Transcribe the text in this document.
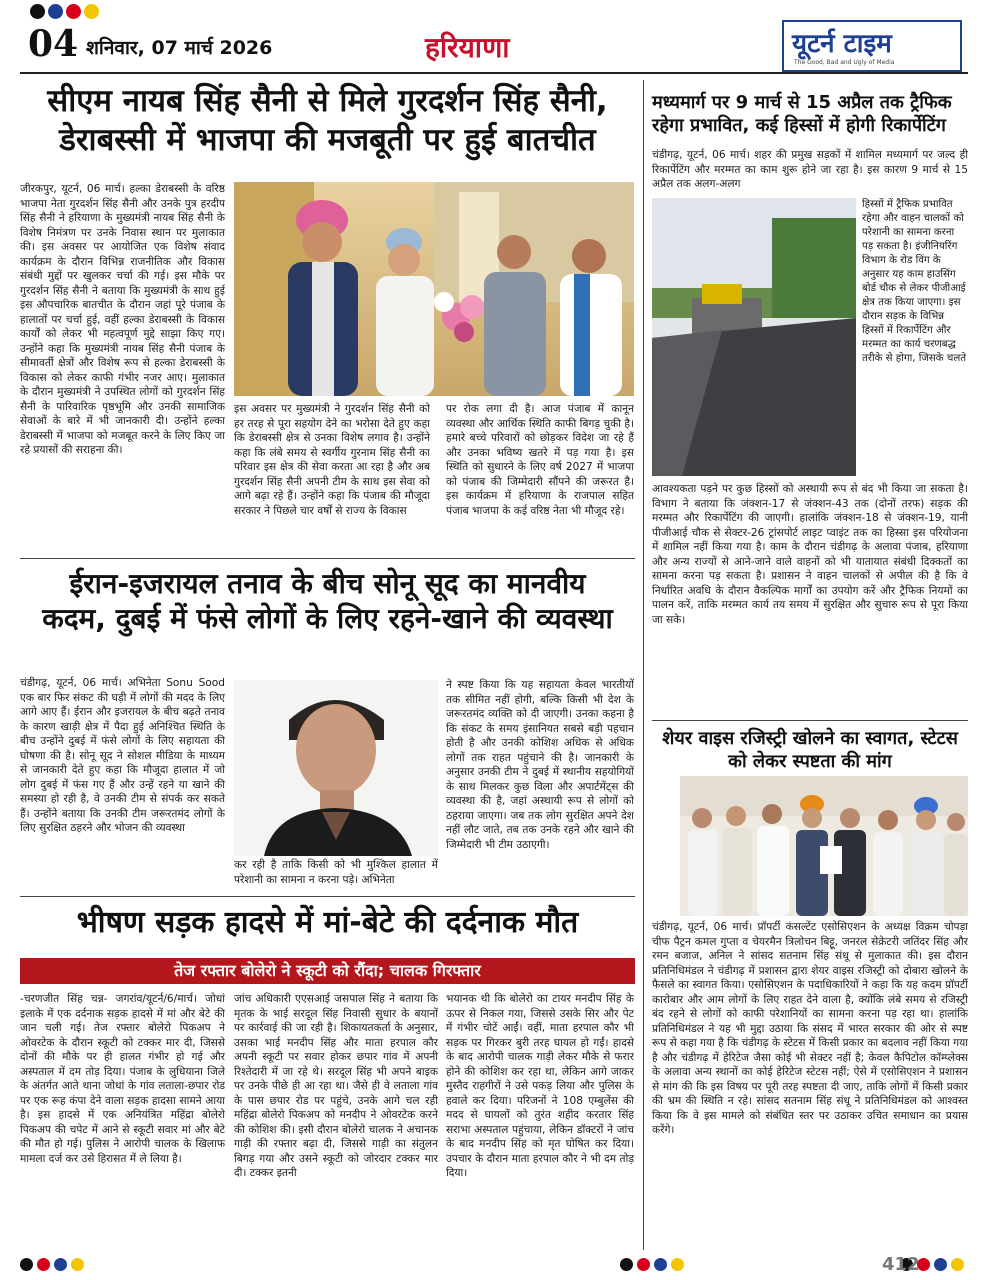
04 शनिवार, 07 मार्च 2026	हरियाणा	यूटर्न टाइम
The Good, Bad and Ugly of Media
सीएम नायब सिंह सैनी से मिले गुरदर्शन सिंह सैनी,
डेराबस्सी में भाजपा की मजबूती पर हुई बातचीत
जीरकपुर, यूटर्न, 06 मार्च। हल्का डेराबस्सी के वरिष्ठ भाजपा नेता गुरदर्शन सिंह सैनी और उनके पुत्र हरदीप सिंह सैनी ने हरियाणा के मुख्यमंत्री नायब सिंह सैनी के विशेष निमंत्रण पर उनके निवास स्थान पर मुलाकात की। इस अवसर पर आयोजित एक विशेष संवाद कार्यक्रम के दौरान विभिन्न राजनीतिक और विकास संबंधी मुद्दों पर खुलकर चर्चा की गई। इस मौके पर गुरदर्शन सिंह सैनी ने बताया कि मुख्यमंत्री के साथ हुई इस औपचारिक बातचीत के दौरान जहां पूरे पंजाब के हालातों पर चर्चा हुई, वहीं हल्का डेराबस्सी के विकास कार्यों को लेकर भी महत्वपूर्ण मुद्दे साझा किए गए। उन्होंने कहा कि मुख्यमंत्री नायब सिंह सैनी पंजाब के सीमावर्ती क्षेत्रों और विशेष रूप से हल्का डेराबस्सी के विकास को लेकर काफी गंभीर नजर आए। मुलाकात के दौरान मुख्यमंत्री ने उपस्थित लोगों को गुरदर्शन सिंह सैनी के पारिवारिक पृष्ठभूमि और उनकी सामाजिक सेवाओं के बारे में भी जानकारी दी। उन्होंने हल्का डेराबस्सी में भाजपा को मजबूत करने के लिए किए जा रहे प्रयासों की सराहना की।
इस अवसर पर मुख्यमंत्री ने गुरदर्शन सिंह सैनी को हर तरह से पूरा सहयोग देने का भरोसा देते हुए कहा कि डेराबस्सी क्षेत्र से उनका विशेष लगाव है। उन्होंने कहा कि लंबे समय से स्वर्गीय गुरनाम सिंह सैनी का परिवार इस क्षेत्र की सेवा करता आ रहा है और अब गुरदर्शन सिंह सैनी अपनी टीम के साथ इस सेवा को आगे बढ़ा रहे हैं। उन्होंने कहा कि पंजाब की मौजूदा सरकार ने पिछले चार वर्षों से राज्य के विकास
पर रोक लगा दी है। आज पंजाब में कानून व्यवस्था और आर्थिक स्थिति काफी बिगड़ चुकी है। हमारे बच्चे परिवारों को छोड़कर विदेश जा रहे हैं और उनका भविष्य खतरे में पड़ गया है। इस स्थिति को सुधारने के लिए वर्ष 2027 में भाजपा को पंजाब की जिम्मेदारी सौंपने की जरूरत है। इस कार्यक्रम में हरियाणा के राजपाल सहित पंजाब भाजपा के कई वरिष्ठ नेता भी मौजूद रहे।
ईरान-इजरायल तनाव के बीच सोनू सूद का मानवीय
कदम, दुबई में फंसे लोगों के लिए रहने-खाने की व्यवस्था
चंडीगढ़, यूटर्न, 06 मार्च। अभिनेता Sonu Sood एक बार फिर संकट की घड़ी में लोगों की मदद के लिए आगे आए हैं। ईरान और इजरायल के बीच बढ़ते तनाव के कारण खाड़ी क्षेत्र में पैदा हुई अनिश्चित स्थिति के बीच उन्होंने दुबई में फंसे लोगों के लिए सहायता की घोषणा की है। सोनू सूद ने सोशल मीडिया के माध्यम से जानकारी देते हुए कहा कि मौजूदा हालात में जो लोग दुबई में फंस गए हैं और उन्हें रहने या खाने की समस्या हो रही है, वे उनकी टीम से संपर्क कर सकते हैं। उन्होंने बताया कि उनकी टीम जरूरतमंद लोगों के लिए सुरक्षित ठहरने और भोजन की व्यवस्था
कर रही है ताकि किसी को भी मुश्किल हालात में परेशानी का सामना न करना पड़े। अभिनेता
ने स्पष्ट किया कि यह सहायता केवल भारतीयों तक सीमित नहीं होगी, बल्कि किसी भी देश के जरूरतमंद व्यक्ति को दी जाएगी। उनका कहना है कि संकट के समय इंसानियत सबसे बड़ी पहचान होती है और उनकी कोशिश अधिक से अधिक लोगों तक राहत पहुंचाने की है। जानकारी के अनुसार उनकी टीम ने दुबई में स्थानीय सहयोगियों के साथ मिलकर कुछ विला और अपार्टमेंट्स की व्यवस्था की है, जहां अस्थायी रूप से लोगों को ठहराया जाएगा। जब तक लोग सुरक्षित अपने देश नहीं लौट जाते, तब तक उनके रहने और खाने की जिम्मेदारी भी टीम उठाएगी।
भीषण सड़क हादसे में मां-बेटे की दर्दनाक मौत
तेज रफ्तार बोलेरो ने स्कूटी को रौंदा; चालक गिरफ्तार
-चरणजीत सिंह चन्न- जगरांव/यूटर्न/6/मार्च। जोधां इलाके में एक दर्दनाक सड़क हादसे में मां और बेटे की जान चली गई। तेज रफ्तार बोलेरो पिकअप ने ओवरटेक के दौरान स्कूटी को टक्कर मार दी, जिससे दोनों की मौके पर ही हालत गंभीर हो गई और अस्पताल में दम तोड़ दिया। पंजाब के लुधियाना जिले के अंतर्गत आते थाना जोधां के गांव लताला-छपार रोड पर एक रूह कंपा देने वाला सड़क हादसा सामने आया है। इस हादसे में एक अनियंत्रित महिंद्रा बोलेरो पिकअप की चपेट में आने से स्कूटी सवार मां और बेटे की मौत हो गई। पुलिस ने आरोपी चालक के खिलाफ मामला दर्ज कर उसे हिरासत में ले लिया है।
जांच अधिकारी एएसआई जसपाल सिंह ने बताया कि मृतक के भाई सरदूल सिंह निवासी सुधार के बयानों पर कार्रवाई की जा रही है। शिकायतकर्ता के अनुसार, उसका भाई मनदीप सिंह और माता हरपाल कौर अपनी स्कूटी पर सवार होकर छपार गांव में अपनी रिश्तेदारी में जा रहे थे। सरदूल सिंह भी अपने बाइक पर उनके पीछे ही आ रहा था। जैसे ही वे लताला गांव के पास छपार रोड पर पहुंचे, उनके आगे चल रही महिंद्रा बोलेरो पिकअप को मनदीप ने ओवरटेक करने की कोशिश की। इसी दौरान बोलेरो चालक ने अचानक गाड़ी की रफ्तार बढ़ा दी, जिससे गाड़ी का संतुलन बिगड़ गया और उसने स्कूटी को जोरदार टक्कर मार दी। टक्कर इतनी
भयानक थी कि बोलेरो का टायर मनदीप सिंह के ऊपर से निकल गया, जिससे उसके सिर और पेट में गंभीर चोटें आईं। वहीं, माता हरपाल कौर भी सड़क पर गिरकर बुरी तरह घायल हो गईं। हादसे के बाद आरोपी चालक गाड़ी लेकर मौके से फरार होने की कोशिश कर रहा था, लेकिन आगे जाकर मुस्तैद राहगीरों ने उसे पकड़ लिया और पुलिस के हवाले कर दिया। परिजनों ने 108 एम्बुलेंस की मदद से घायलों को तुरंत शहीद करतार सिंह सराभा अस्पताल पहुंचाया, लेकिन डॉक्टरों ने जांच के बाद मनदीप सिंह को मृत घोषित कर दिया। उपचार के दौरान माता हरपाल कौर ने भी दम तोड़ दिया।
मध्यमार्ग पर 9 मार्च से 15 अप्रैल तक ट्रैफिक रहेगा प्रभावित, कई हिस्सों में होगी रिकार्पेटिंग
चंडीगढ़, यूटर्न, 06 मार्च। शहर की प्रमुख सड़कों में शामिल मध्यमार्ग पर जल्द ही रिकार्पेटिंग और मरम्मत का काम शुरू होने जा रहा है। इस कारण 9 मार्च से 15 अप्रैल तक अलग-अलग
हिस्सों में ट्रैफिक प्रभावित रहेगा और वाहन चालकों को परेशानी का सामना करना पड़ सकता है। इंजीनियरिंग विभाग के रोड विंग के अनुसार यह काम हाउसिंग बोर्ड चौक से लेकर पीजीआई क्षेत्र तक किया जाएगा। इस दौरान सड़क के विभिन्न हिस्सों में रिकार्पेटिंग और मरम्मत का कार्य चरणबद्ध तरीके से होगा, जिसके चलते
आवश्यकता पड़ने पर कुछ हिस्सों को अस्थायी रूप से बंद भी किया जा सकता है। विभाग ने बताया कि जंक्शन-17 से जंक्शन-43 तक (दोनों तरफ) सड़क की मरम्मत और रिकार्पेटिंग की जाएगी। हालांकि जंक्शन-18 से जंक्शन-19, यानी पीजीआई चौक से सेक्टर-26 ट्रांसपोर्ट लाइट प्वाइंट तक का हिस्सा इस परियोजना में शामिल नहीं किया गया है। काम के दौरान चंडीगढ़ के अलावा पंजाब, हरियाणा और अन्य राज्यों से आने-जाने वाले वाहनों को भी यातायात संबंधी दिक्कतों का सामना करना पड़ सकता है। प्रशासन ने वाहन चालकों से अपील की है कि वे निर्धारित अवधि के दौरान वैकल्पिक मार्गों का उपयोग करें और ट्रैफिक नियमों का पालन करें, ताकि मरम्मत कार्य तय समय में सुरक्षित और सुचारु रूप से पूरा किया जा सके।
शेयर वाइस रजिस्ट्री खोलने का स्वागत, स्टेटस को लेकर स्पष्टता की मांग
चंडीगढ़, यूटर्न, 06 मार्च। प्रॉपर्टी कंसल्टेंट एसोसिएशन के अध्यक्ष विक्रम चोपड़ा चीफ पैट्रन कमल गुप्ता व चेयरमैन त्रिलोचन बिट्टू, जनरल सेक्रेटरी जतिंदर सिंह और रमन बजाज, अनिल ने सांसद सतनाम सिंह संधू से मुलाकात की। इस दौरान प्रतिनिधिमंडल ने चंडीगढ़ में प्रशासन द्वारा शेयर वाइस रजिस्ट्री को दोबारा खोलने के फैसले का स्वागत किया। एसोसिएशन के पदाधिकारियों ने कहा कि यह कदम प्रॉपर्टी कारोबार और आम लोगों के लिए राहत देने वाला है, क्योंकि लंबे समय से रजिस्ट्री बंद रहने से लोगों को काफी परेशानियों का सामना करना पड़ रहा था। हालांकि प्रतिनिधिमंडल ने यह भी मुद्दा उठाया कि संसद में भारत सरकार की ओर से स्पष्ट रूप से कहा गया है कि चंडीगढ़ के स्टेटस में किसी प्रकार का बदलाव नहीं किया गया है और चंडीगढ़ में हेरिटेज जैसा कोई भी सेक्टर नहीं है; केवल कैपिटोल कॉम्प्लेक्स के अलावा अन्य स्थानों का कोई हेरिटेज स्टेटस नहीं; ऐसे में एसोसिएशन ने प्रशासन से मांग की कि इस विषय पर पूरी तरह स्पष्टता दी जाए, ताकि लोगों में किसी प्रकार की भ्रम की स्थिति न रहे। सांसद सतनाम सिंह संधू ने प्रतिनिधिमंडल को आश्वस्त किया कि वे इस मामले को संबंधित स्तर पर उठाकर उचित समाधान का प्रयास करेंगे।
412
